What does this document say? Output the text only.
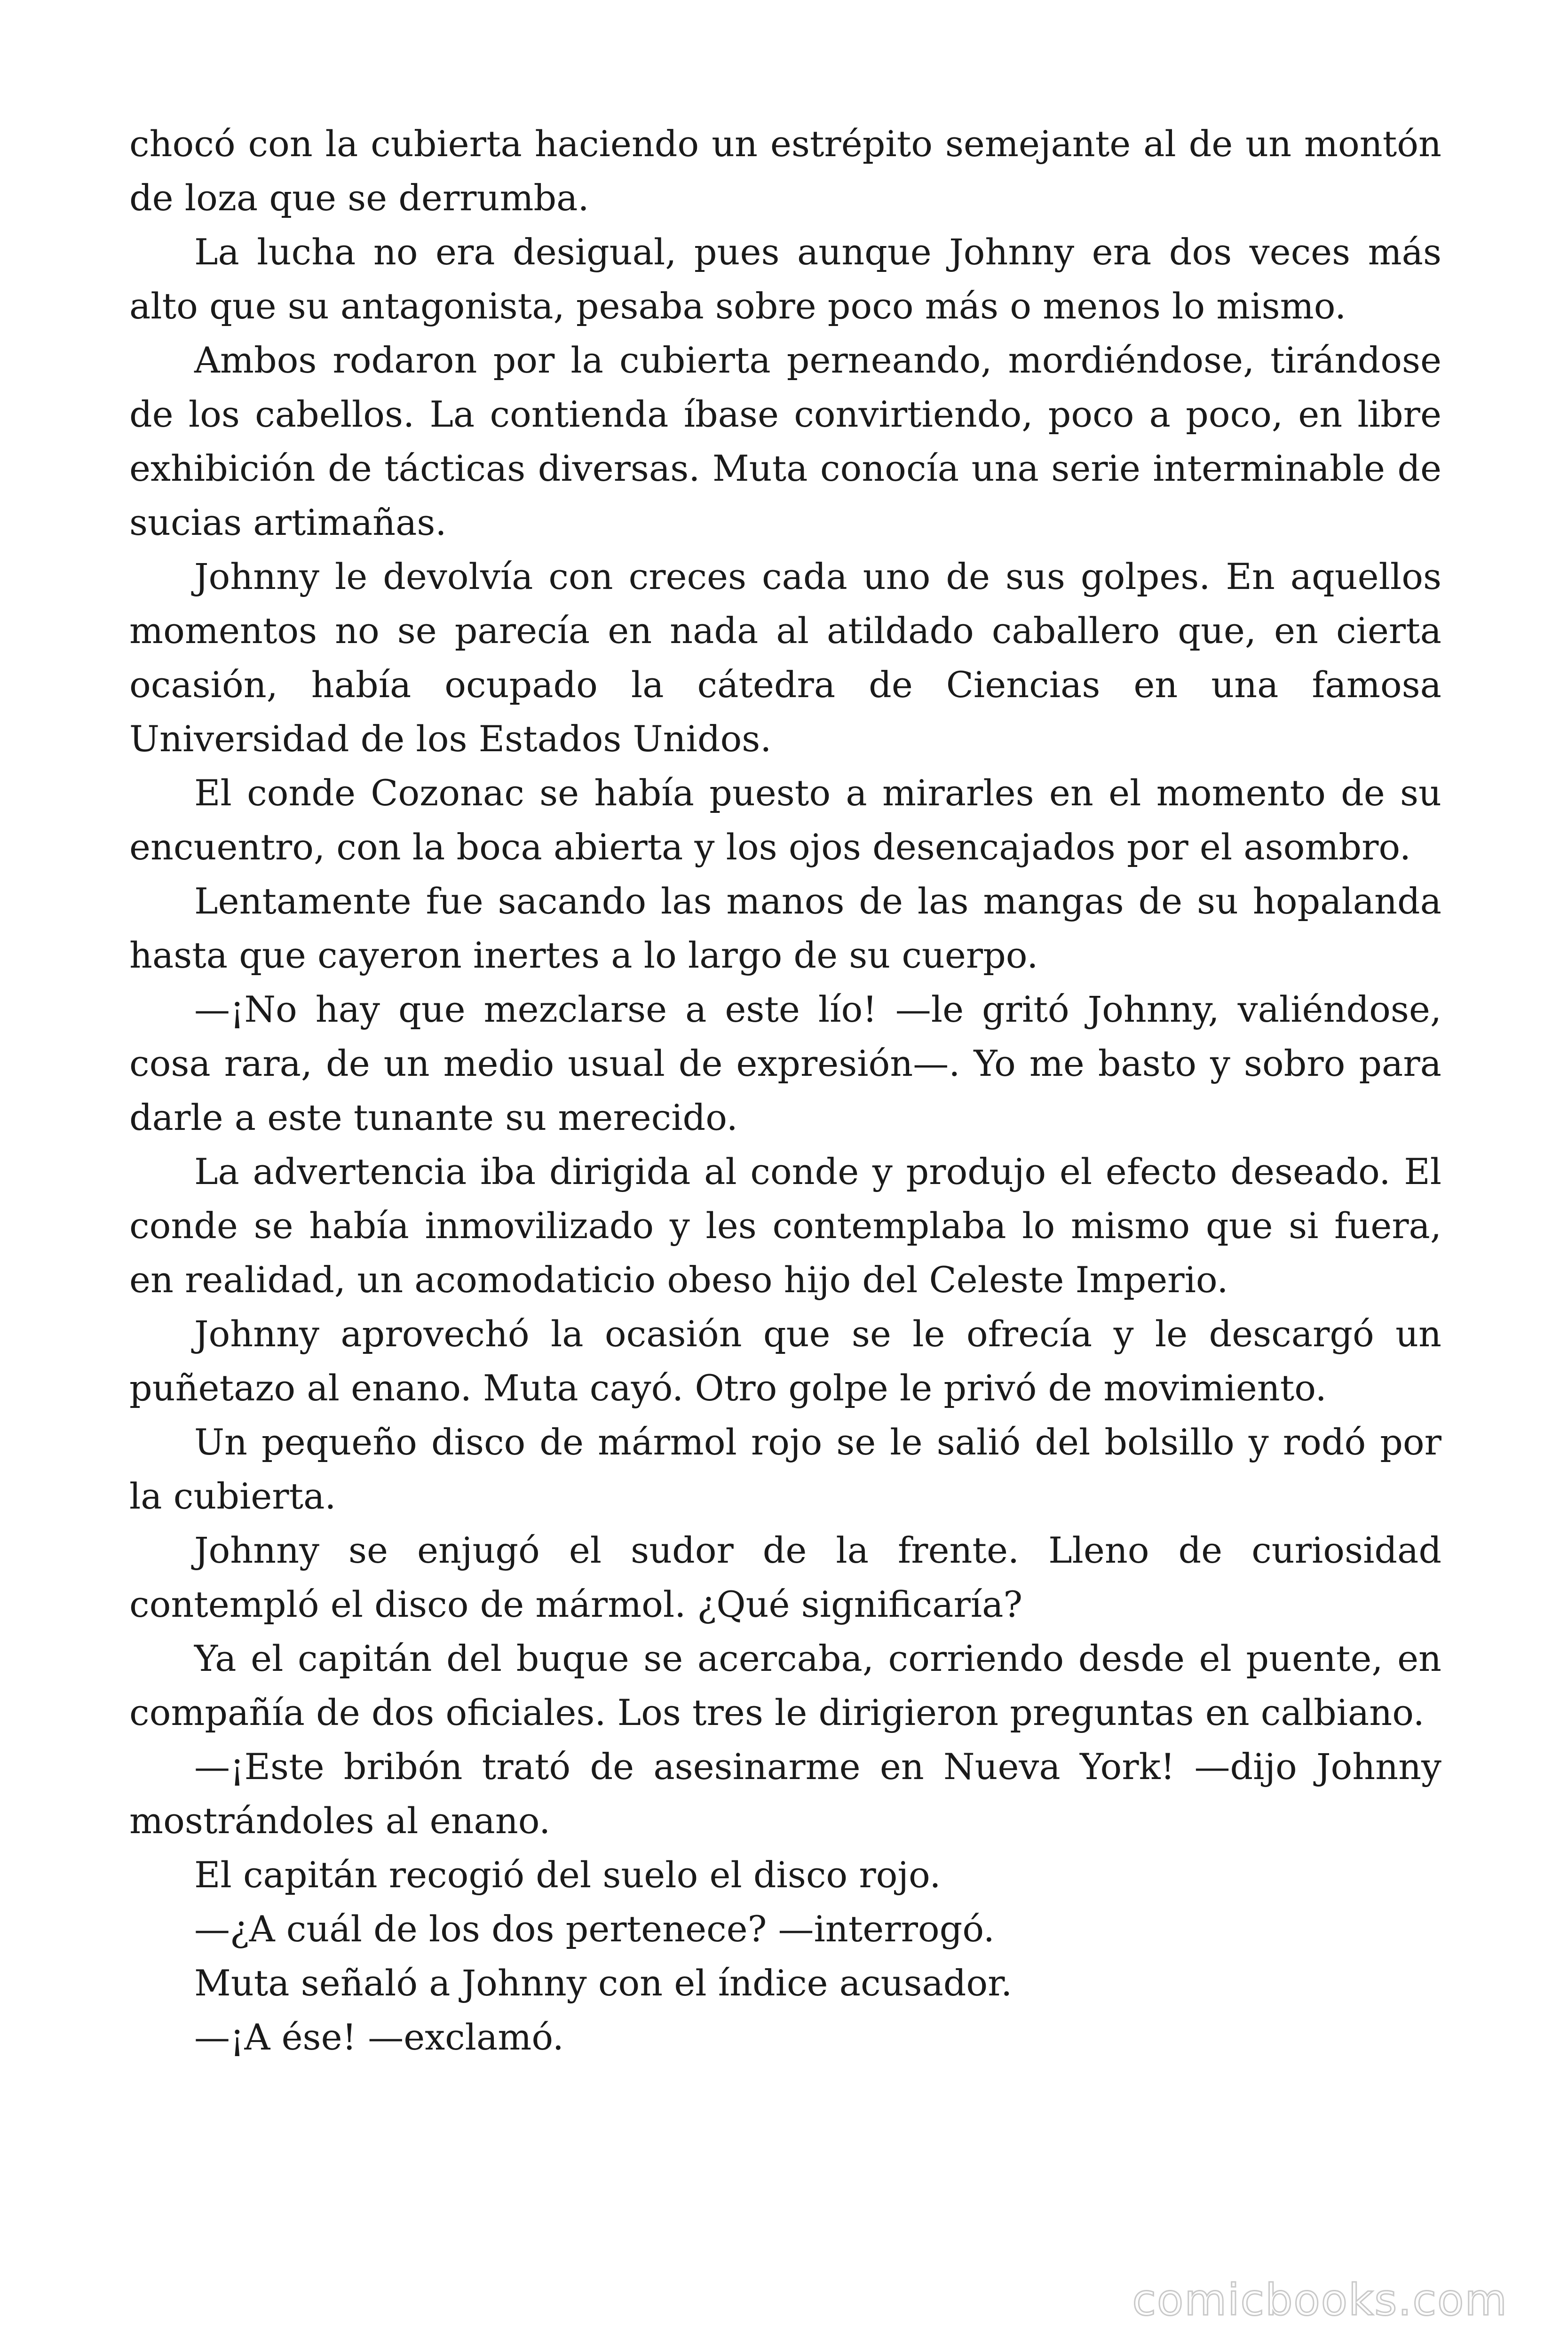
chocó con la cubierta haciendo un estrépito semejante al de un montón de loza que se derrumba.

La lucha no era desigual, pues aunque Johnny era dos veces más alto que su antagonista, pesaba sobre poco más o menos lo mismo.

Ambos rodaron por la cubierta perneando, mordiéndose, tirándose de los cabellos. La contienda íbase convirtiendo, poco a poco, en libre exhibición de tácticas diversas. Muta conocía una serie interminable de sucias artimañas.

Johnny le devolvía con creces cada uno de sus golpes. En aquellos momentos no se parecía en nada al atildado caballero que, en cierta ocasión, había ocupado la cátedra de Ciencias en una famosa Universidad de los Estados Unidos.

El conde Cozonac se había puesto a mirarles en el momento de su encuentro, con la boca abierta y los ojos desencajados por el asombro.

Lentamente fue sacando las manos de las mangas de su hopalanda hasta que cayeron inertes a lo largo de su cuerpo.

—¡No hay que mezclarse a este lío! —le gritó Johnny, valiéndose, cosa rara, de un medio usual de expresión—. Yo me basto y sobro para darle a este tunante su merecido.

La advertencia iba dirigida al conde y produjo el efecto deseado. El conde se había inmovilizado y les contemplaba lo mismo que si fuera, en realidad, un acomodaticio obeso hijo del Celeste Imperio.

Johnny aprovechó la ocasión que se le ofrecía y le descargó un puñetazo al enano. Muta cayó. Otro golpe le privó de movimiento.

Un pequeño disco de mármol rojo se le salió del bolsillo y rodó por la cubierta.

Johnny se enjugó el sudor de la frente. Lleno de curiosidad contempló el disco de mármol. ¿Qué significaría?

Ya el capitán del buque se acercaba, corriendo desde el puente, en compañía de dos oficiales. Los tres le dirigieron preguntas en calbiano.

—¡Este bribón trató de asesinarme en Nueva York! —dijo Johnny mostrándoles al enano.

El capitán recogió del suelo el disco rojo.

—¿A cuál de los dos pertenece? —interrogó.

Muta señaló a Johnny con el índice acusador.

—¡A ése! —exclamó.

comicbooks.com
